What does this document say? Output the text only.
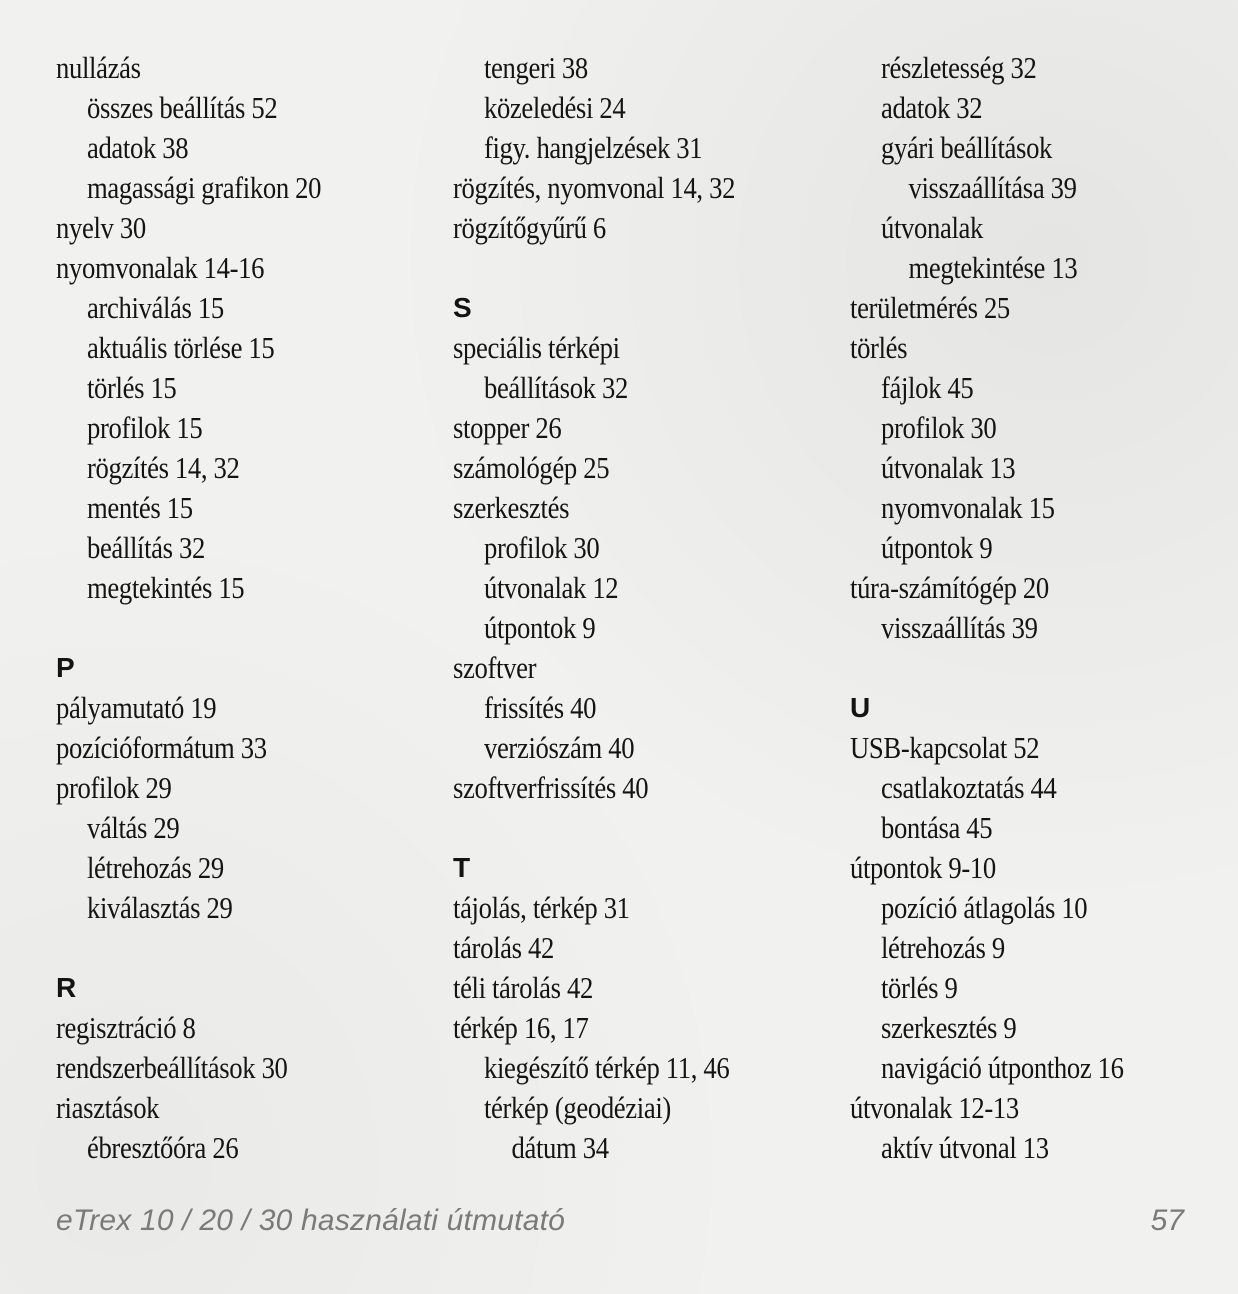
nullázás
összes beállítás 52
adatok 38
magassági grafikon 20
nyelv 30
nyomvonalak 14-16
archiválás 15
aktuális törlése 15
törlés 15
profilok 15
rögzítés 14, 32
mentés 15
beállítás 32
megtekintés 15
P
pályamutató 19
pozícióformátum 33
profilok 29
váltás 29
létrehozás 29
kiválasztás 29
R
regisztráció 8
rendszerbeállítások 30
riasztások
ébresztőóra 26
tengeri 38
közeledési 24
figy. hangjelzések 31
rögzítés, nyomvonal 14, 32
rögzítőgyűrű 6
S
speciális térképi
beállítások 32
stopper 26
számológép 25
szerkesztés
profilok 30
útvonalak 12
útpontok 9
szoftver
frissítés 40
verziószám 40
szoftverfrissítés 40
T
tájolás, térkép 31
tárolás 42
téli tárolás 42
térkép 16, 17
kiegészítő térkép 11, 46
térkép (geodéziai)
dátum 34
részletesség 32
adatok 32
gyári beállítások
visszaállítása 39
útvonalak
megtekintése 13
területmérés 25
törlés
fájlok 45
profilok 30
útvonalak 13
nyomvonalak 15
útpontok 9
túra-számítógép 20
visszaállítás 39
U
USB-kapcsolat 52
csatlakoztatás 44
bontása 45
útpontok 9-10
pozíció átlagolás 10
létrehozás 9
törlés 9
szerkesztés 9
navigáció útponthoz 16
útvonalak 12-13
aktív útvonal 13
eTrex 10 / 20 / 30 használati útmutató	57
